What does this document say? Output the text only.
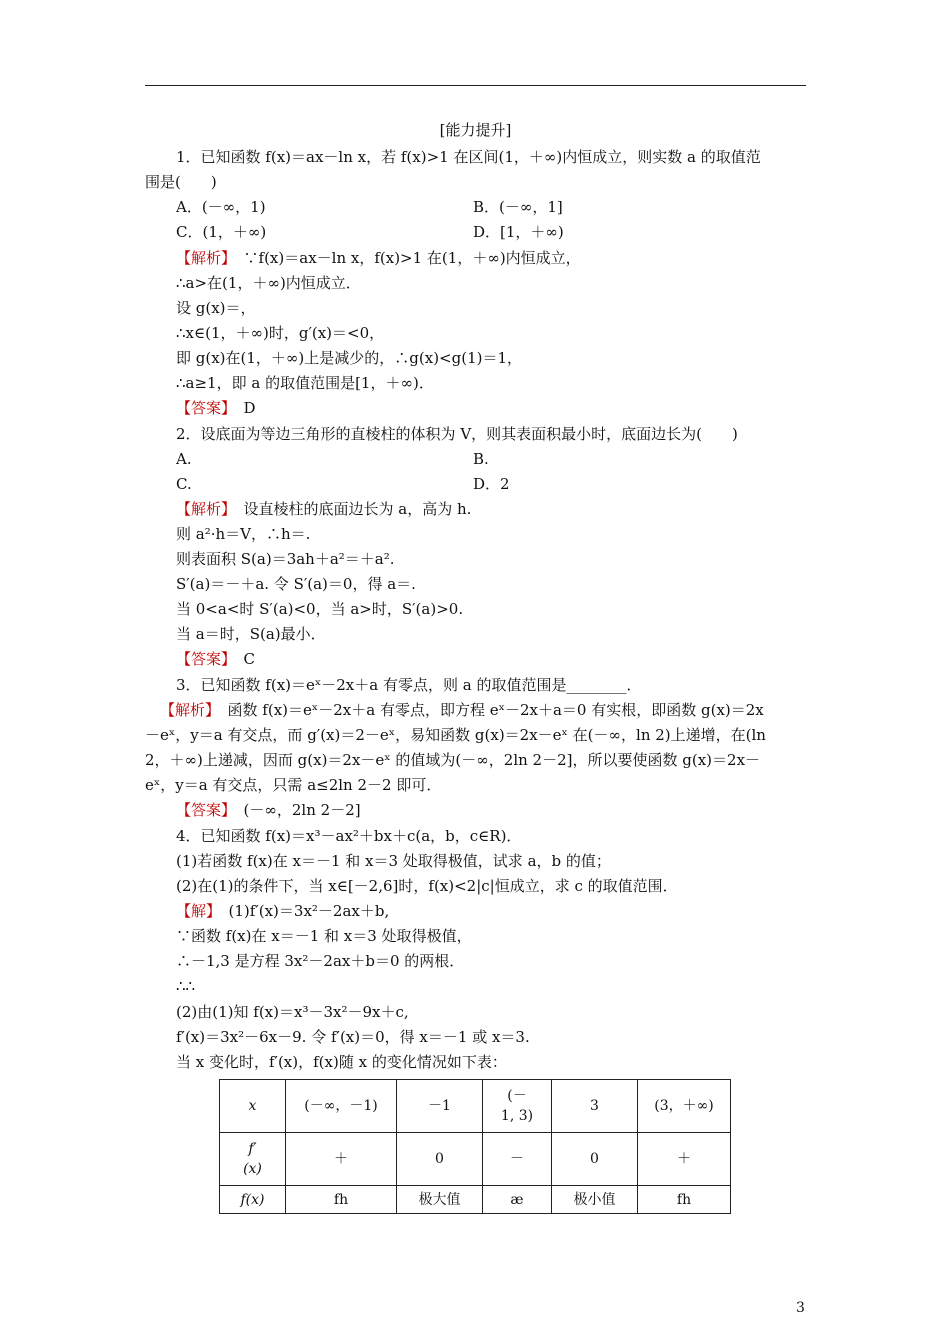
[能力提升]
1．已知函数 f(x)＝ax－ln x，若 f(x)>1 在区间(1，＋∞)内恒成立，则实数 a 的取值范
围是(　　)
A．(－∞，1)	B．(－∞，1]
C．(1，＋∞)	D．[1，＋∞)
【解析】　 ∵f(x)＝ax－ln x，f(x)>1 在(1，＋∞)内恒成立，
∴a>在(1，＋∞)内恒成立．
设 g(x)＝，
∴x∈(1，＋∞)时，g′(x)＝<0，
即 g(x)在(1，＋∞)上是减少的，∴g(x)<g(1)＝1，
∴a≥1，即 a 的取值范围是[1，＋∞)．
【答案】　 D
2．设底面为等边三角形的直棱柱的体积为 V，则其表面积最小时，底面边长为(　　)
A.	B.
C.	D．2
【解析】　 设直棱柱的底面边长为 a，高为 h.
则 a²·h＝V，∴h＝.
则表面积 S(a)＝3ah＋a²＝＋a².
S′(a)＝－＋a. 令 S′(a)＝0，得 a＝.
当 0<a<时 S′(a)<0，当 a>时，S′(a)>0.
当 a＝时，S(a)最小．
【答案】　 C
3．已知函数 f(x)＝eˣ－2x＋a 有零点，则 a 的取值范围是________．
【解析】　 函数 f(x)＝eˣ－2x＋a 有零点，即方程 eˣ－2x＋a＝0 有实根，即函数 g(x)＝2x
－eˣ，y＝a 有交点，而 g′(x)＝2－eˣ，易知函数 g(x)＝2x－eˣ 在(－∞，ln 2)上递增，在(ln
2，＋∞)上递减，因而 g(x)＝2x－eˣ 的值域为(－∞，2ln 2－2]，所以要使函数 g(x)＝2x－
eˣ，y＝a 有交点，只需 a≤2ln 2－2 即可．
【答案】　 (－∞，2ln 2－2]
4．已知函数 f(x)＝x³－ax²＋bx＋c(a，b，c∈R)．
(1)若函数 f(x)在 x＝－1 和 x＝3 处取得极值，试求 a，b 的值；
(2)在(1)的条件下，当 x∈[－2,6]时，f(x)<2|c|恒成立，求 c 的取值范围．
【解】　 (1)f′(x)＝3x²－2ax＋b,
∵函数 f(x)在 x＝－1 和 x＝3 处取得极值，
∴－1,3 是方程 3x²－2ax＋b＝0 的两根．
∴∴
(2)由(1)知 f(x)＝x³－3x²－9x＋c,
f′(x)＝3x²－6x－9. 令 f′(x)＝0，得 x＝－1 或 x＝3.
当 x 变化时，f′(x)，f(x)随 x 的变化情况如下表：
x	(－∞，－1)	－1	(－
1, 3)	3	(3，＋∞)
f′
(x)	＋	0	－	0	＋
f(x)	fh	极大值	æ	极小值	fh
3
